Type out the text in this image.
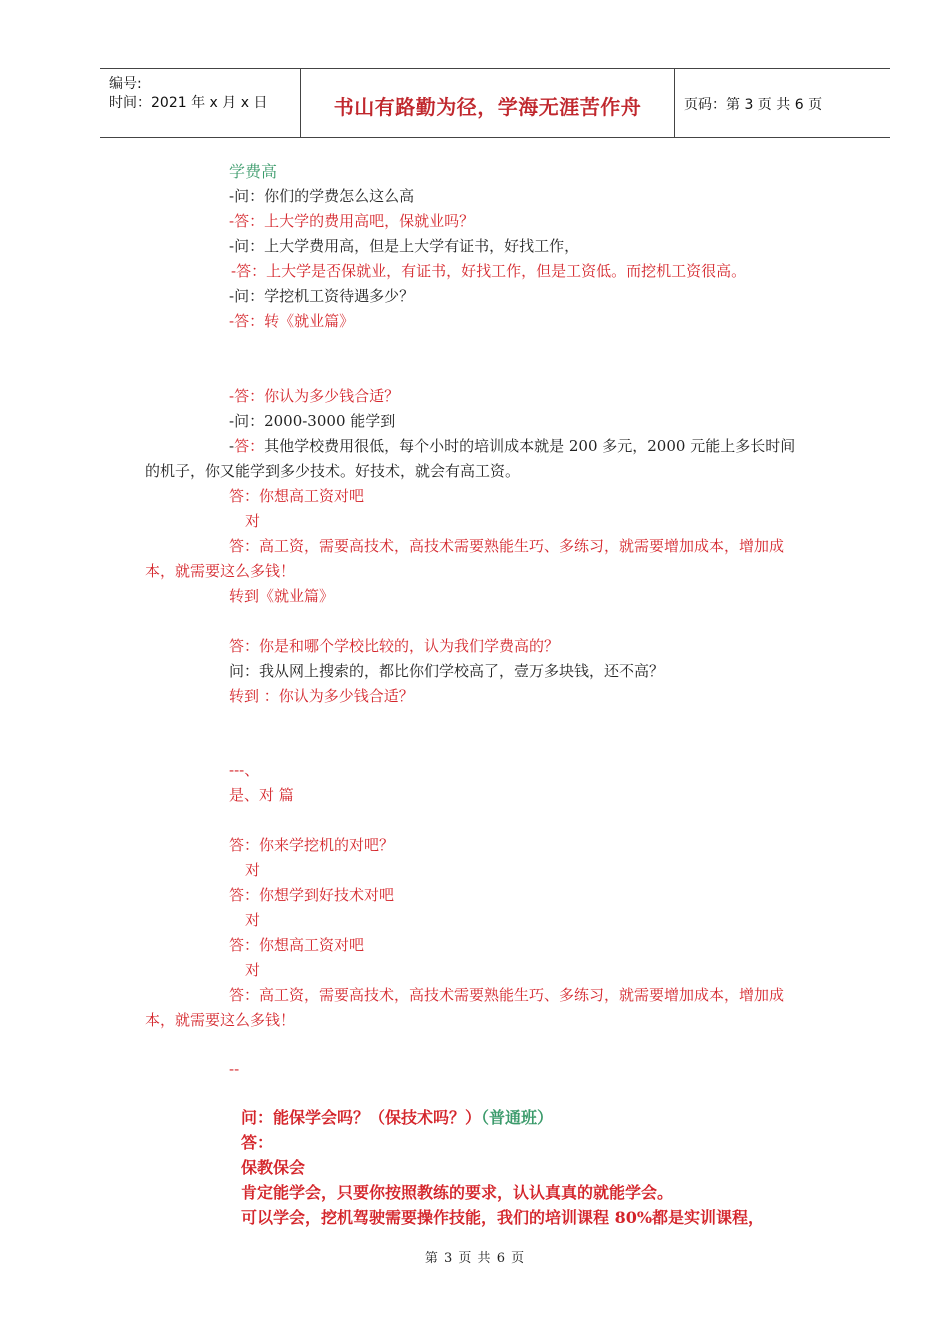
编号:
时间：2021 年 x 月 x 日	书山有路勤为径，学海无涯苦作舟	页码：第 3 页 共 6 页
学费高
-问：你们的学费怎么这么高
-答：上大学的费用高吧，保就业吗？
-问：上大学费用高，但是上大学有证书，好找工作，
-答：上大学是否保就业，有证书，好找工作，但是工资低。而挖机工资很高。
-问：学挖机工资待遇多少？
-答：转《就业篇》
-答：你认为多少钱合适？
-问：2000-3000 能学到
-答：其他学校费用很低，每个小时的培训成本就是 200 多元，2000 元能上多长时间
的机子，你又能学到多少技术。好技术，就会有高工资。
答：你想高工资对吧
对
答：高工资，需要高技术，高技术需要熟能生巧、多练习，就需要增加成本，增加成
本，就需要这么多钱！
转到《就业篇》
答：你是和哪个学校比较的，认为我们学费高的？
问：我从网上搜索的，都比你们学校高了，壹万多块钱，还不高？
转到 ：你认为多少钱合适？
---、
是、对 篇
答：你来学挖机的对吧？
对
答：你想学到好技术对吧
对
答：你想高工资对吧
对
答：高工资，需要高技术，高技术需要熟能生巧、多练习，就需要增加成本，增加成
本，就需要这么多钱！
--
问：能保学会吗？（保技术吗？）（普通班）
答：
保教保会
肯定能学会，只要你按照教练的要求，认认真真的就能学会。
可以学会，挖机驾驶需要操作技能，我们的培训课程 80%都是实训课程，
第 3 页 共 6 页
